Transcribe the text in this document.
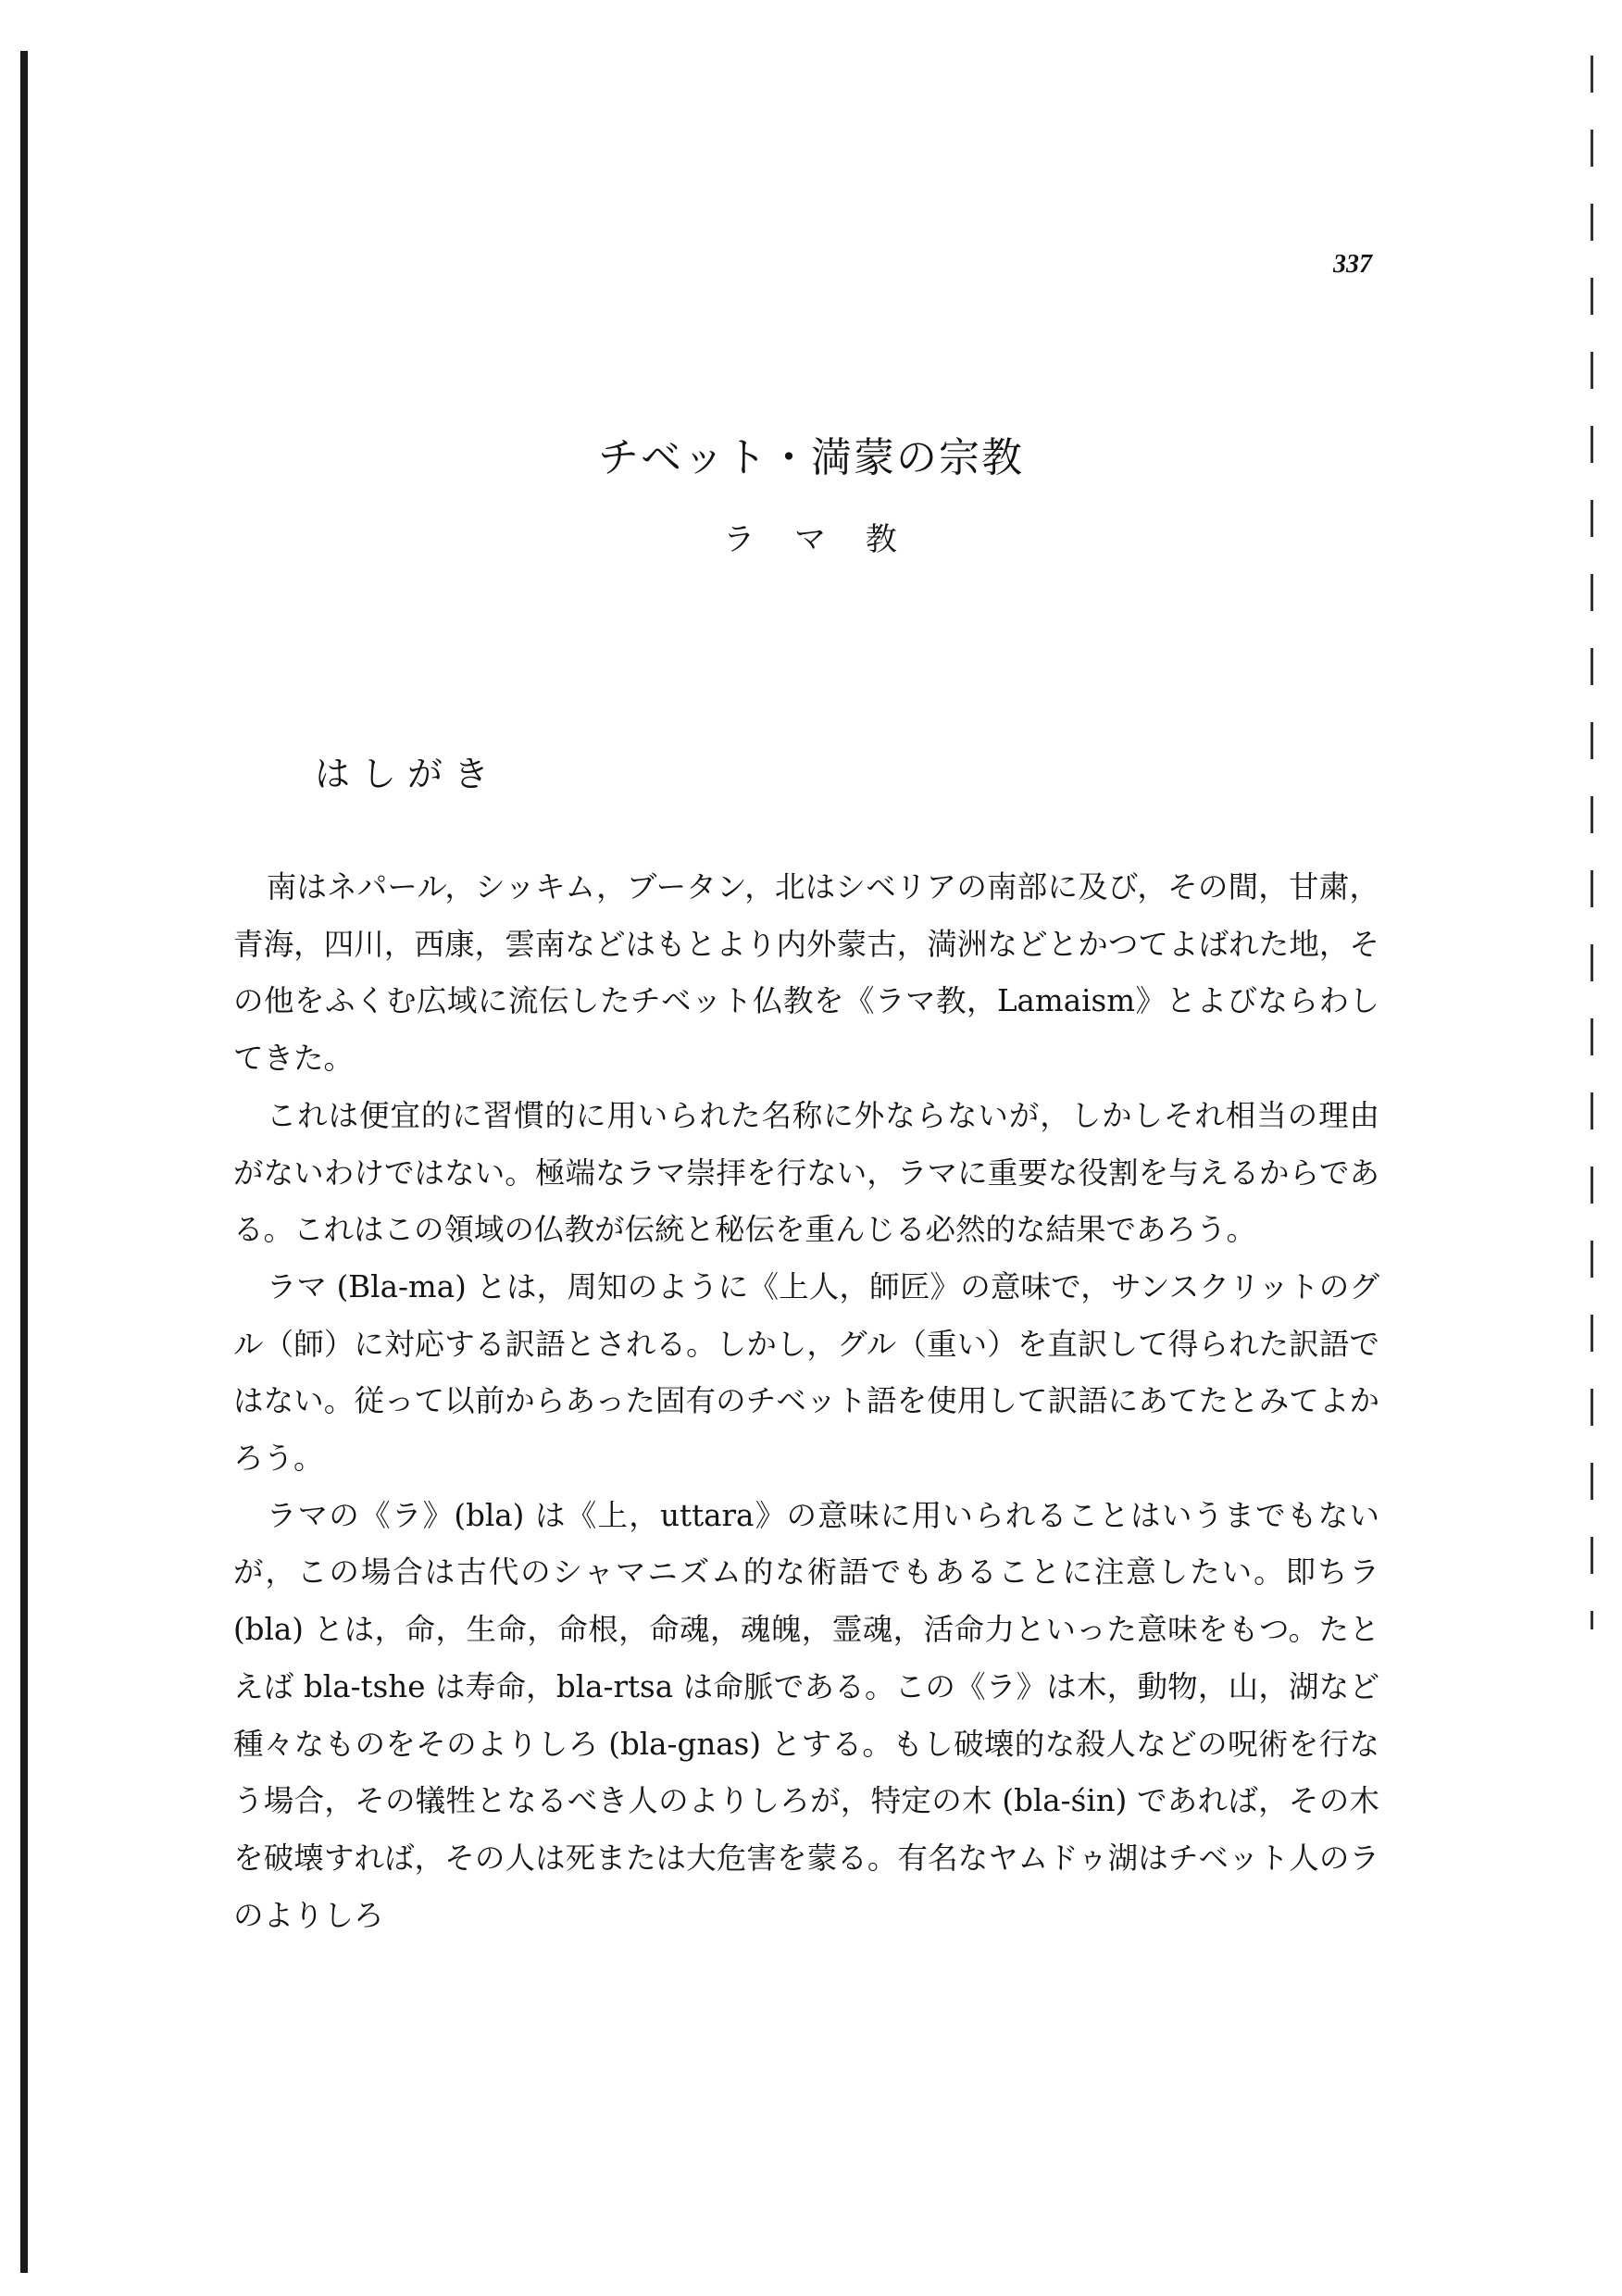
337
チベット・満蒙の宗教
ラ マ 教
はしがき

南はネパール，シッキム，ブータン，北はシベリアの南部に及び，その間，甘粛，青海，四川，西康，雲南などはもとより内外蒙古，満洲などとかつてよばれた地，その他をふくむ広域に流伝したチベット仏教を《ラマ教，Lamaism》とよびならわしてきた。

これは便宜的に習慣的に用いられた名称に外ならないが，しかしそれ相当の理由がないわけではない。極端なラマ崇拝を行ない，ラマに重要な役割を与えるからである。これはこの領域の仏教が伝統と秘伝を重んじる必然的な結果であろう。

ラマ (Bla-ma) とは，周知のように《上人，師匠》の意味で，サンスクリットのグル（師）に対応する訳語とされる。しかし，グル（重い）を直訳して得られた訳語ではない。従って以前からあった固有のチベット語を使用して訳語にあてたとみてよかろう。

ラマの《ラ》(bla) は《上，uttara》の意味に用いられることはいうまでもないが，この場合は古代のシャマニズム的な術語でもあることに注意したい。即ちラ (bla) とは，命，生命，命根，命魂，魂魄，霊魂，活命力といった意味をもつ。たとえば bla-tshe は寿命，bla-rtsa は命脈である。この《ラ》は木，動物，山，湖など種々なものをそのよりしろ (bla-gnas) とする。もし破壊的な殺人などの呪術を行なう場合，その犠牲となるべき人のよりしろが，特定の木 (bla-śin) であれば，その木を破壊すれば，その人は死または大危害を蒙る。有名なヤムドゥ湖はチベット人のラのよりしろ
